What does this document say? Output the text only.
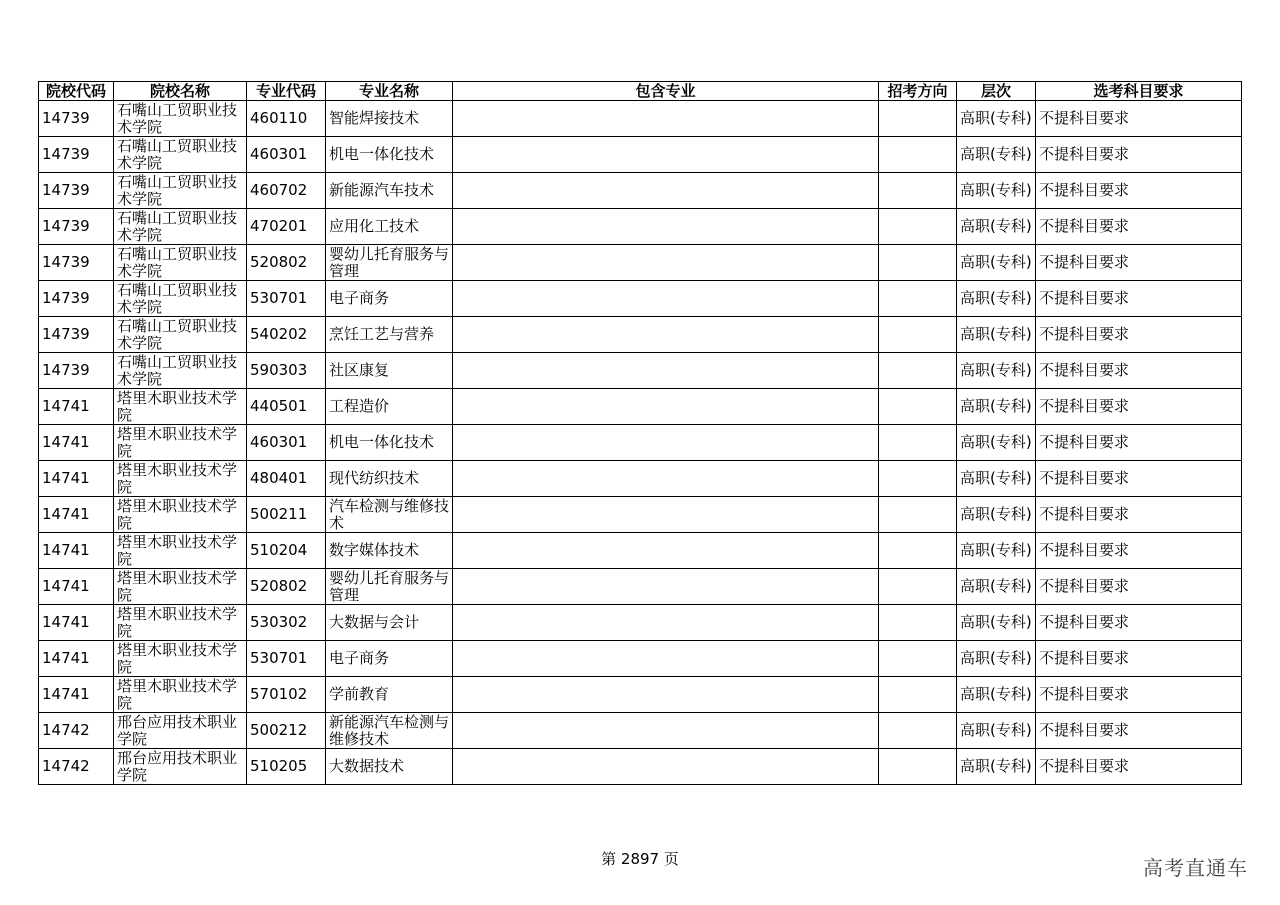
院校代码	院校名称	专业代码	专业名称	包含专业	招考方向	层次	选考科目要求

14739	石嘴山工贸职业技术学院	460110	智能焊接技术			高职(专科)	不提科目要求

14739	石嘴山工贸职业技术学院	460301	机电一体化技术			高职(专科)	不提科目要求

14739	石嘴山工贸职业技术学院	460702	新能源汽车技术			高职(专科)	不提科目要求

14739	石嘴山工贸职业技术学院	470201	应用化工技术			高职(专科)	不提科目要求

14739	石嘴山工贸职业技术学院	520802	婴幼儿托育服务与管理			高职(专科)	不提科目要求

14739	石嘴山工贸职业技术学院	530701	电子商务			高职(专科)	不提科目要求

14739	石嘴山工贸职业技术学院	540202	烹饪工艺与营养			高职(专科)	不提科目要求

14739	石嘴山工贸职业技术学院	590303	社区康复			高职(专科)	不提科目要求

14741	塔里木职业技术学院	440501	工程造价			高职(专科)	不提科目要求

14741	塔里木职业技术学院	460301	机电一体化技术			高职(专科)	不提科目要求

14741	塔里木职业技术学院	480401	现代纺织技术			高职(专科)	不提科目要求

14741	塔里木职业技术学院	500211	汽车检测与维修技术			高职(专科)	不提科目要求

14741	塔里木职业技术学院	510204	数字媒体技术			高职(专科)	不提科目要求

14741	塔里木职业技术学院	520802	婴幼儿托育服务与管理			高职(专科)	不提科目要求

14741	塔里木职业技术学院	530302	大数据与会计			高职(专科)	不提科目要求

14741	塔里木职业技术学院	530701	电子商务			高职(专科)	不提科目要求

14741	塔里木职业技术学院	570102	学前教育			高职(专科)	不提科目要求

14742	邢台应用技术职业学院	500212	新能源汽车检测与维修技术			高职(专科)	不提科目要求

14742	邢台应用技术职业学院	510205	大数据技术			高职(专科)	不提科目要求
第 2897 页	高考直通车
